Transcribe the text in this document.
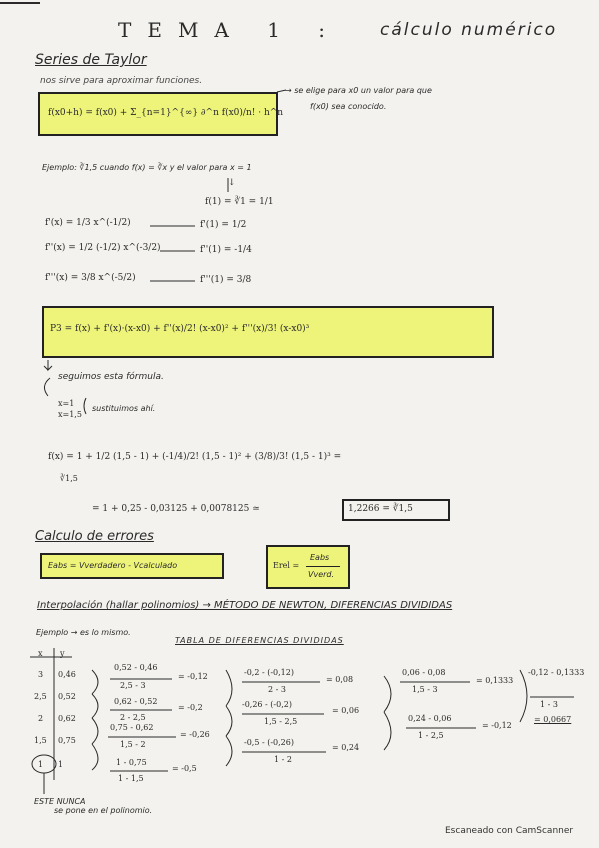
TEMA 1 : cálculo numérico
Series de Taylor
nos sirve para aproximar funciones.
f(x0+h) = f(x0) + Σ_{n=1}^{∞} ∂^n f(x0)/n! · h^n
→ se elige para x0 un valor para que
f(x0) sea conocido.
Ejemplo: ∛1,5 cuando f(x) = ∛x y el valor para x = 1
↓
f(1) = ∛1 = 1/1
f'(x) = 1/3 x^(-1/2)	f'(1) = 1/2
f''(x) = 1/2 (-1/2) x^(-3/2)	f''(1) = -1/4
f'''(x) = 3/8 x^(-5/2)	f'''(1) = 3/8
P3 = f(x) + f'(x)·(x-x0) + f''(x)/2! (x-x0)² + f'''(x)/3! (x-x0)³
seguimos esta fórmula.
x=1
x=1,5
sustituimos ahí.
f(x) = 1 + 1/2 (1,5 - 1) + (-1/4)/2! (1,5 - 1)² + (3/8)/3! (1,5 - 1)³ =
∛1,5
= 1 + 0,25 - 0,03125 + 0,0078125 ≃	1,2266 = ∛1,5
Calculo de errores
Eabs = Vverdadero - Vcalculado	Erel =
Eabs
Vverd.
Interpolación (hallar polinomios) → MÉTODO DE NEWTON, DIFERENCIAS DIVIDIDAS
Ejemplo → es lo mismo.
TABLA DE DIFERENCIAS DIVIDIDAS
x y
3 0,46
2,5 0,52
2 0,62
1,5 0,75
1 1
0,52 - 0,46
2,5 - 3
= -0,12
0,62 - 0,52
2 - 2,5
= -0,2
0,75 - 0,62
1,5 - 2
= -0,26
1 - 0,75
1 - 1,5
= -0,5
-0,2 - (-0,12)
2 - 3
= 0,08
-0,26 - (-0,2)
1,5 - 2,5
= 0,06
-0,5 - (-0,26)
1 - 2
= 0,24
0,06 - 0,08
1,5 - 3
= 0,1333
0,24 - 0,06
1 - 2,5
= -0,12
-0,12 - 0,1333
1 - 3
= 0,0667
ESTE NUNCA
se pone en el polinomio.
Escaneado con CamScanner
